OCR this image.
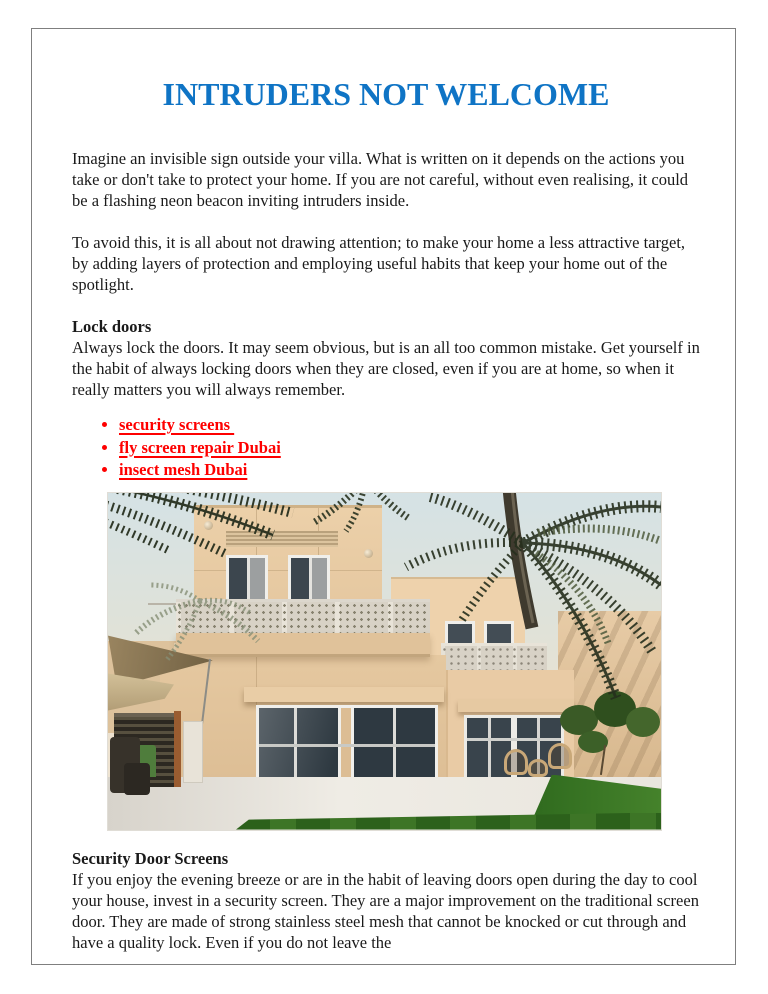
INTRUDERS NOT WELCOME

Imagine an invisible sign outside your villa. What is written on it depends on the actions you take or don't take to protect your home. If you are not careful, without even realising, it could be a flashing neon beacon inviting intruders inside.

To avoid this, it is all about not drawing attention; to make your home a less attractive target, by adding layers of protection and employing useful habits that keep your home out of the spotlight.

Lock doors

Always lock the doors. It may seem obvious, but is an all too common mistake. Get yourself in the habit of always locking doors when they are closed, even if you are at home, so when it really matters you will always remember.

• security screens
• fly screen repair Dubai
• insect mesh Dubai

Security Door Screens

If you enjoy the evening breeze or are in the habit of leaving doors open during the day to cool your house, invest in a security screen. They are a major improvement on the traditional screen door. They are made of strong stainless steel mesh that cannot be knocked or cut through and have a quality lock. Even if you do not leave the
